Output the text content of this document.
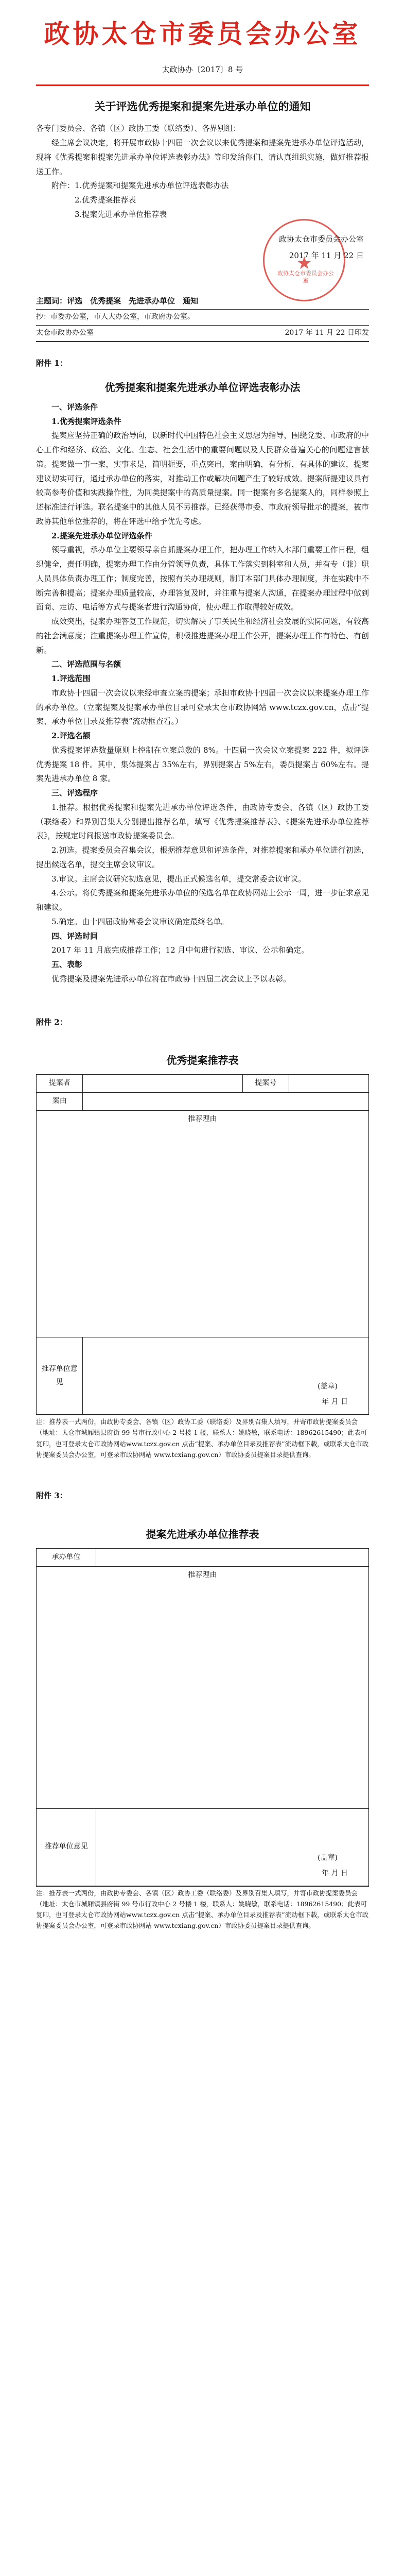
政协太仓市委员会办公室
太政协办〔2017〕8 号
关于评选优秀提案和提案先进承办单位的通知

各专门委员会、各镇（区）政协工委（联络委）、各界别组：

经主席会议决定，将开展市政协十四届一次会议以来优秀提案和提案先进承办单位评选活动，现将《优秀提案和提案先进承办单位评选表彰办法》等印发给你们，请认真组织实施，做好推荐报送工作。

附件： 1.优秀提案和提案先进承办单位评选表彰办法
2.优秀提案推荐表
3.提案先进承办单位推荐表
政协太仓市委员会办公室
★
政协太仓市委员会办公室
2017 年 11 月 22 日
主题词：评选　优秀提案　先进承办单位　通知
抄：市委办公室，市人大办公室，市政府办公室。
太仓市政协办公室	2017 年 11 月 22 日印发
附件 1：
优秀提案和提案先进承办单位评选表彰办法

一、评选条件

1.优秀提案评选条件

提案应坚持正确的政治导向，以新时代中国特色社会主义思想为指导，围绕党委、市政府的中心工作和经济、政治、文化、生态、社会生活中的重要问题以及人民群众普遍关心的问题建言献策。提案做一事一案，实事求是，简明扼要，重点突出，案由明确，有分析，有具体的建议，提案建议切实可行，通过承办单位的落实，对推动工作或解决问题产生了较好成效。提案所提建议具有较高参考价值和实践操作性，为同类提案中的高质量提案。同一提案有多名提案人的，同样参照上述标准进行评选。联名提案中的其他人员不另推荐。已经获得市委、市政府领导批示的提案，被市政协其他单位推荐的，将在评选中给予优先考虑。

2.提案先进承办单位评选条件

领导重视，承办单位主要领导亲自抓提案办理工作，把办理工作纳入本部门重要工作日程，组织健全，责任明确，提案办理工作由分管领导负责，具体工作落实到科室和人员，并有专（兼）职人员具体负责办理工作；制度完善，按照有关办理规则，制订本部门具体办理制度，并在实践中不断完善和提高；提案办理质量较高，办理答复及时，并注重与提案人沟通，在提案办理过程中做到面商、走访、电话等方式与提案者进行沟通协商，使办理工作取得较好成效。

成效突出，提案办理答复工作规范，切实解决了事关民生和经济社会发展的实际问题，有较高的社会满意度；注重提案办理工作宣传，积极推进提案办理工作公开，提案办理工作有特色、有创新。

二、评选范围与名额

1.评选范围

市政协十四届一次会议以来经审查立案的提案；承担市政协十四届一次会议以来提案办理工作的承办单位。（立案提案及提案承办单位目录可登录太仓市政协网站 www.tczx.gov.cn，点击“提案、承办单位目录及推荐表”流动框查看。）

2.评选名额

优秀提案评选数量原则上控制在立案总数的 8%。十四届一次会议立案提案 222 件，拟评选优秀提案 18 件。其中，集体提案占 35%左右，界别提案占 5%左右，委员提案占 60%左右。提案先进承办单位 8 家。

三、评选程序

1.推荐。根据优秀提案和提案先进承办单位评选条件，由政协专委会、各镇（区）政协工委（联络委）和界别召集人分别提出推荐名单，填写《优秀提案推荐表》、《提案先进承办单位推荐表》，按规定时间报送市政协提案委员会。

2.初选。提案委员会召集会议，根据推荐意见和评选条件，对推荐提案和承办单位进行初选，提出候选名单，提交主席会议审议。

3.审议。主席会议研究初选意见，提出正式候选名单，提交常委会议审议。

4.公示。将优秀提案和提案先进承办单位的候选名单在政协网站上公示一周，进一步征求意见和建议。

5.确定。由十四届政协常委会议审议确定最终名单。

四、评选时间

2017 年 11 月底完成推荐工作；12 月中旬进行初选、审议、公示和确定。

五、表彰

优秀提案及提案先进承办单位将在市政协十四届二次会议上予以表彰。

附件 2：
优秀提案推荐表
提案者		提案号	
案由			

推荐理由			

推荐单位意见	(盖章)
年 月 日		

注：推荐表一式两份，由政协专委会、各镇（区）政协工委（联络委）及界别召集人填写，并寄市政协提案委员会（地址：太仓市城厢镇县府街 99 号市行政中心 2 号楼 1 楼，联系人：姚晓敏，联系电话：18962615490；此表可复印，也可登录太仓市政协网站www.tczx.gov.cn 点击“提案、承办单位目录及推荐表”流动框下载，或联系太仓市政协提案委员会办公室，可登录市政协网站 www.tcxiang.gov.cn）市政协委员提案目录提供查询。

附件 3：
提案先进承办单位推荐表
承办单位	

推荐理由	

推荐单位意见	(盖章)
年 月 日

注：推荐表一式两份，由政协专委会、各镇（区）政协工委（联络委）及界别召集人填写，并寄市政协提案委员会（地址：太仓市城厢镇县府街 99 号市行政中心 2 号楼 1 楼，联系人：姚晓敏，联系电话：18962615490；此表可复印，也可登录太仓市政协网站www.tczx.gov.cn 点击“提案、承办单位目录及推荐表”流动框下载，或联系太仓市政协提案委员会办公室，可登录市政协网站 www.tcxiang.gov.cn）市政协委员提案目录提供查询。
